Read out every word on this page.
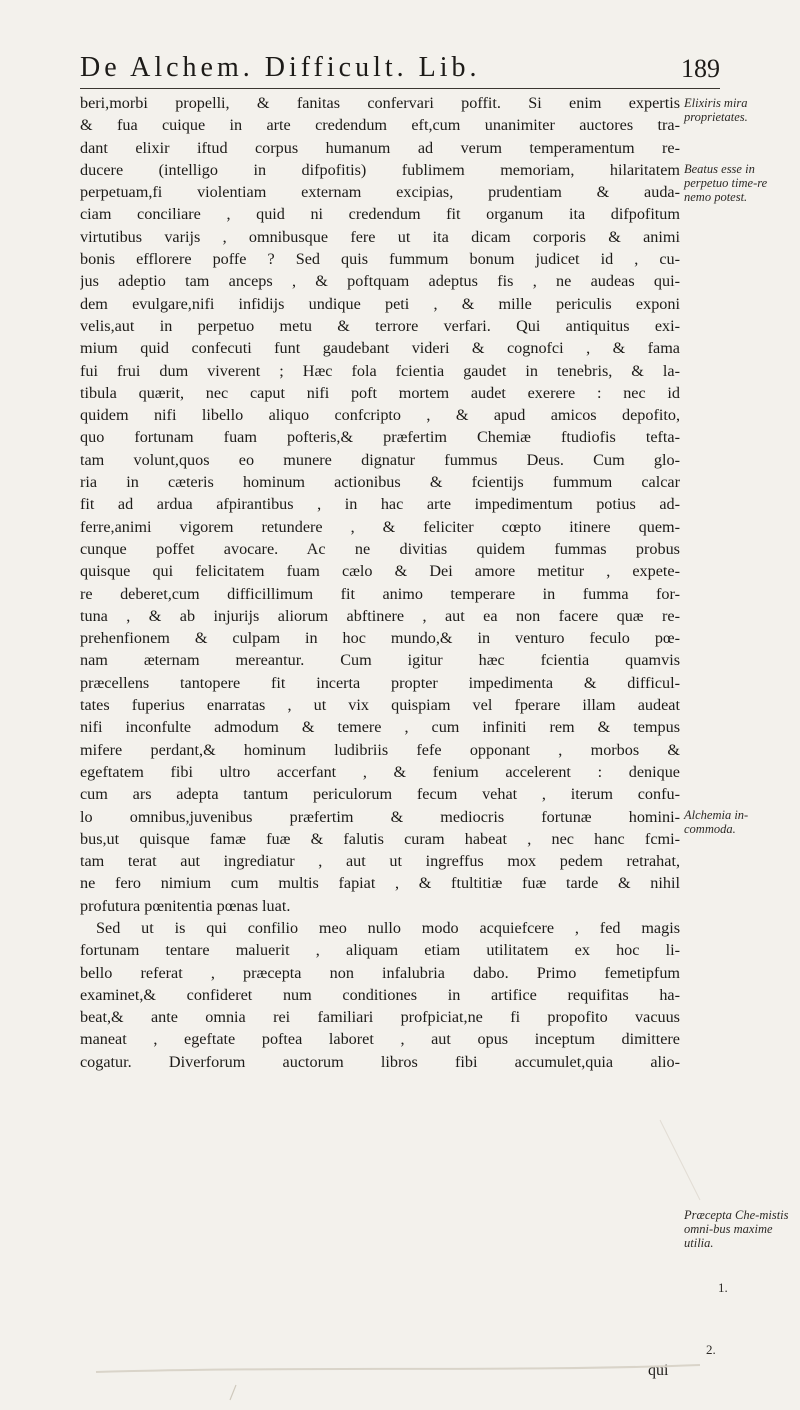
De Alchem. Difficult. Lib.	189
beri,morbi propelli, & fanitas confervari poffit. Si enim expertis
& fua cuique in arte credendum eft,cum unanimiter auctores tra-
dant elixir iftud corpus humanum ad verum temperamentum re-
ducere (intelligo in difpofitis) fublimem memoriam, hilaritatem
perpetuam,fi violentiam externam excipias, prudentiam & auda-
ciam conciliare , quid ni credendum fit organum ita difpofitum
virtutibus varijs , omnibusque fere ut ita dicam corporis & animi
bonis efflorere poffe ? Sed quis fummum bonum judicet id , cu-
jus adeptio tam anceps , & poftquam adeptus fis , ne audeas qui-
dem evulgare,nifi infidijs undique peti , & mille periculis exponi
velis,aut in perpetuo metu & terrore verfari. Qui antiquitus exi-
mium quid confecuti funt gaudebant videri & cognofci , & fama
fui frui dum viverent ; Hæc fola fcientia gaudet in tenebris, & la-
tibula quærit, nec caput nifi poft mortem audet exerere : nec id
quidem nifi libello aliquo confcripto , & apud amicos depofito,
quo fortunam fuam pofteris,& præfertim Chemiæ ftudiofis tefta-
tam volunt,quos eo munere dignatur fummus Deus. Cum glo-
ria in cæteris hominum actionibus & fcientijs fummum calcar
fit ad ardua afpirantibus , in hac arte impedimentum potius ad-
ferre,animi vigorem retundere , & feliciter cœpto itinere quem-
cunque poffet avocare. Ac ne divitias quidem fummas probus
quisque qui felicitatem fuam cælo & Dei amore metitur , expete-
re deberet,cum difficillimum fit animo temperare in fumma for-
tuna , & ab injurijs aliorum abftinere , aut ea non facere quæ re-
prehenfionem & culpam in hoc mundo,& in venturo feculo pœ-
nam æternam mereantur. Cum igitur hæc fcientia quamvis
præcellens tantopere fit incerta propter impedimenta & difficul-
tates fuperius enarratas , ut vix quispiam vel fperare illam audeat
nifi inconfulte admodum & temere , cum infiniti rem & tempus
mifere perdant,& hominum ludibriis fefe opponant , morbos &
egeftatem fibi ultro accerfant , & fenium accelerent : denique
cum ars adepta tantum periculorum fecum vehat , iterum confu-
lo omnibus,juvenibus præfertim & mediocris fortunæ homini-
bus,ut quisque famæ fuæ & falutis curam habeat , nec hanc fcmi-
tam terat aut ingrediatur , aut ut ingreffus mox pedem retrahat,
ne fero nimium cum multis fapiat , & ftultitiæ fuæ tarde & nihil
profutura pœnitentia pœnas luat.
Sed ut is qui confilio meo nullo modo acquiefcere , fed magis
fortunam tentare maluerit , aliquam etiam utilitatem ex hoc li-
bello referat , præcepta non infalubria dabo. Primo femetipfum
examinet,& confideret num conditiones in artifice requifitas ha-
beat,& ante omnia rei familiari profpiciat,ne fi propofito vacuus
maneat , egeftate poftea laboret , aut opus inceptum dimittere
cogatur. Diverforum auctorum libros fibi accumulet,quia alio-
Elixiris mira proprietates.
Beatus esse in perpetuo time-re nemo potest.
Alchemia in-commoda.
Præcepta Che-mistis omni-bus maxime utilia.
1.
2.
qui
